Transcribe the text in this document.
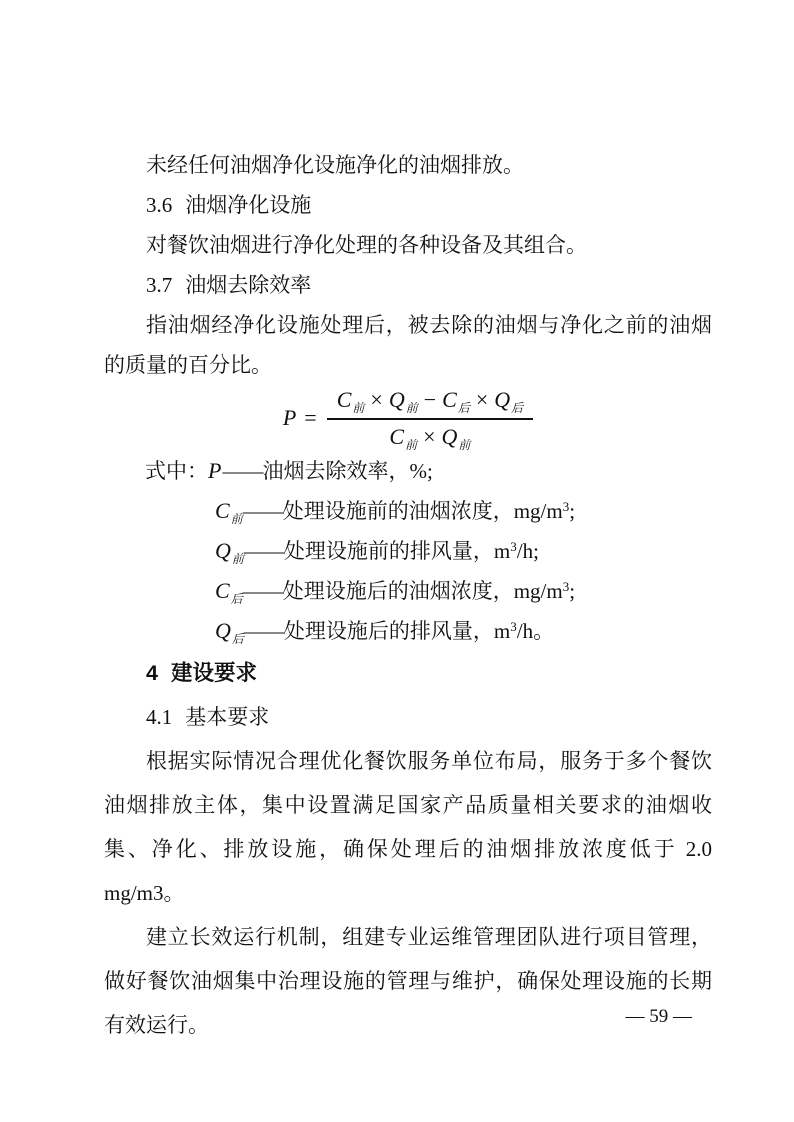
未经任何油烟净化设施净化的油烟排放。

3.6 油烟净化设施

对餐饮油烟进行净化处理的各种设备及其组合。

3.7 油烟去除效率

指油烟经净化设施处理后，被去除的油烟与净化之前的油烟的质量的百分比。

$P = \frac{C_前 \times Q_前 - C_后 \times Q_后}{C_前 \times Q_前}$
式中：P——油烟去除效率，%;
$C_前——$处理设施前的油烟浓度，$mg/m^3$;
$Q_前——$处理设施前的排风量，$m^3/h$;
$C_后——$处理设施后的油烟浓度，$mg/m^3$;
$Q_后——$处理设施后的排风量，$m^3/h$。
4 建设要求
4.1 基本要求

根据实际情况合理优化餐饮服务单位布局，服务于多个餐饮油烟排放主体，集中设置满足国家产品质量相关要求的油烟收集、净化、排放设施，确保处理后的油烟排放浓度低于 2.0 mg/m3。

建立长效运行机制，组建专业运维管理团队进行项目管理，做好餐饮油烟集中治理设施的管理与维护，确保处理设施的长期有效运行。	— 59 —
